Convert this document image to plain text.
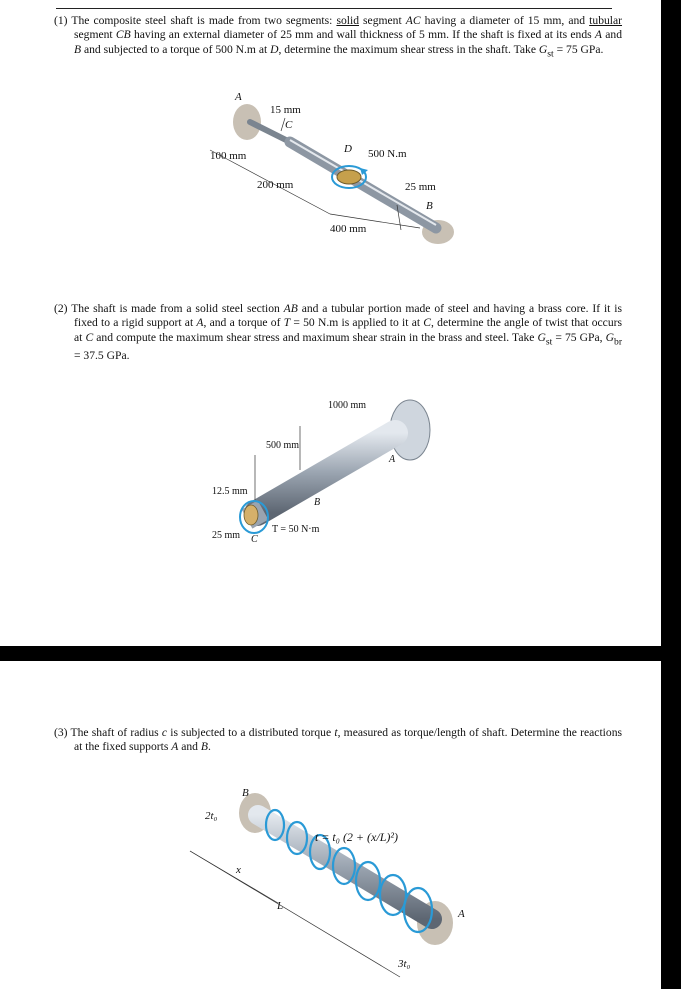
(1) The composite steel shaft is made from two segments: solid segment AC having a diameter of 15 mm, and tubular segment CB having an external diameter of 25 mm and wall thickness of 5 mm. If the shaft is fixed at its ends A and B and subjected to a torque of 500 N.m at D, determine the maximum shear stress in the shaft. Take $G_{st} = 75$ GPa.

A
15 mm
C
100 mm
D 500 N.m
200 mm	25 mm
B
400 mm
1000 mm
500 mm
12.5 mm
B
A
25 mm C
T = 50 N·m

(2) The shaft is made from a solid steel section AB and a tubular portion made of steel and having a brass core. If it is fixed to a rigid support at A, and a torque of T = 50 N.m is applied to it at C, determine the angle of twist that occurs at C and compute the maximum shear stress and maximum shear strain in the brass and steel. Take $G_{st} = 75$ GPa, $G_{br} = 37.5$ GPa.

(3) The shaft of radius c is subjected to a distributed torque t, measured as torque/length of shaft. Determine the reactions at the fixed supports A and B.

B
2t₀
x
L
t = t₀ (2 + (x/L)²)
A
3t₀
